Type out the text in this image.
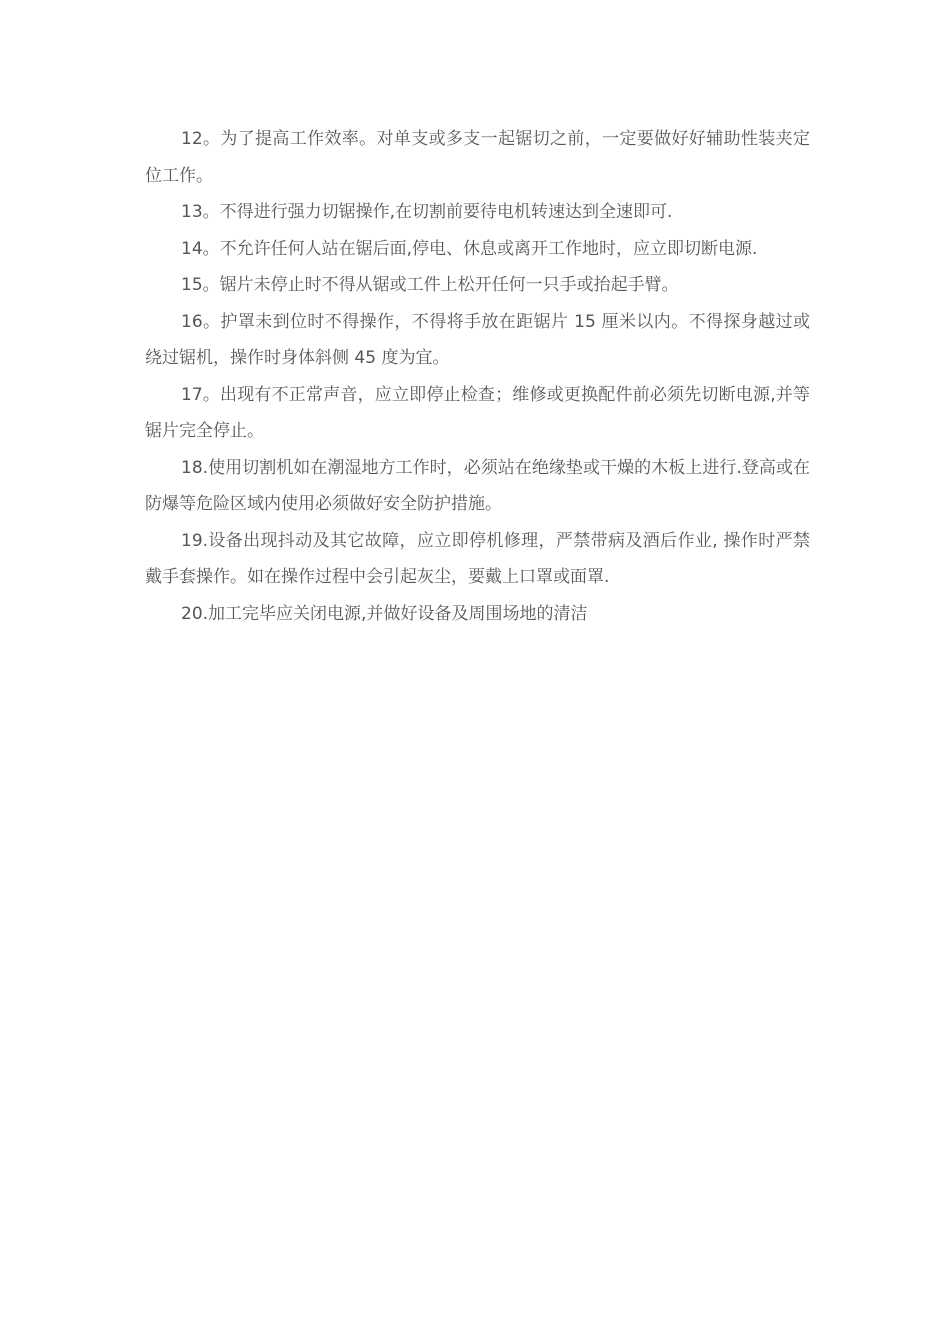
12。为了提高工作效率。对单支或多支一起锯切之前，一定要做好好辅助性装夹定位工作。

13。不得进行强力切锯操作,在切割前要待电机转速达到全速即可.

14。不允许任何人站在锯后面,停电、休息或离开工作地时，应立即切断电源.

15。锯片未停止时不得从锯或工件上松开任何一只手或抬起手臂。

16。护罩未到位时不得操作，不得将手放在距锯片 15 厘米以内。不得探身越过或绕过锯机，操作时身体斜侧 45 度为宜。

17。出现有不正常声音，应立即停止检查；维修或更换配件前必须先切断电源,并等锯片完全停止。

18.使用切割机如在潮湿地方工作时，必须站在绝缘垫或干燥的木板上进行.登高或在防爆等危险区域内使用必须做好安全防护措施。

19.设备出现抖动及其它故障，应立即停机修理，严禁带病及酒后作业, 操作时严禁戴手套操作。如在操作过程中会引起灰尘，要戴上口罩或面罩.

20.加工完毕应关闭电源,并做好设备及周围场地的清洁
